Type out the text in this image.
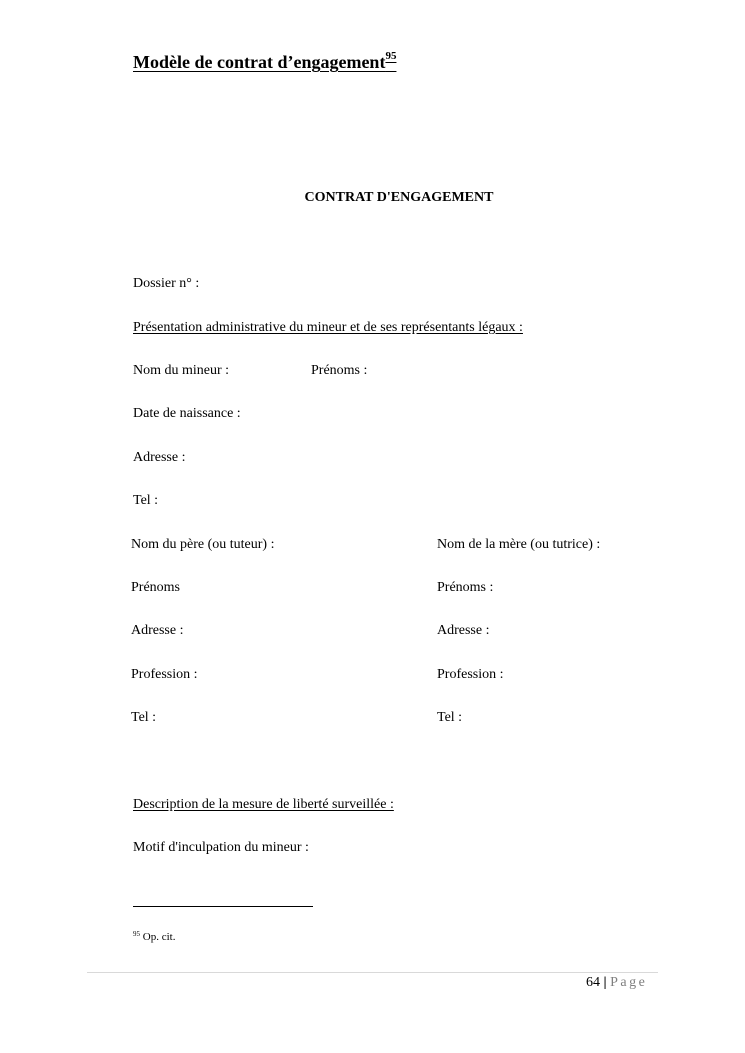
Modèle de contrat d’engagement$^{95}$
CONTRAT D'ENGAGEMENT
Dossier n° :
Présentation administrative du mineur et de ses représentants légaux :
Nom du mineur :	Prénoms :
Date de naissance :
Adresse :
Tel :
Nom du père (ou tuteur) :
Prénoms
Adresse :
Profession :
Tel :
Nom de la mère (ou tutrice) :
Prénoms :
Adresse :
Profession :
Tel :
Description de la mesure de liberté surveillée :
Motif d'inculpation du mineur :
$^{95}$ Op. cit.
64 | Page
